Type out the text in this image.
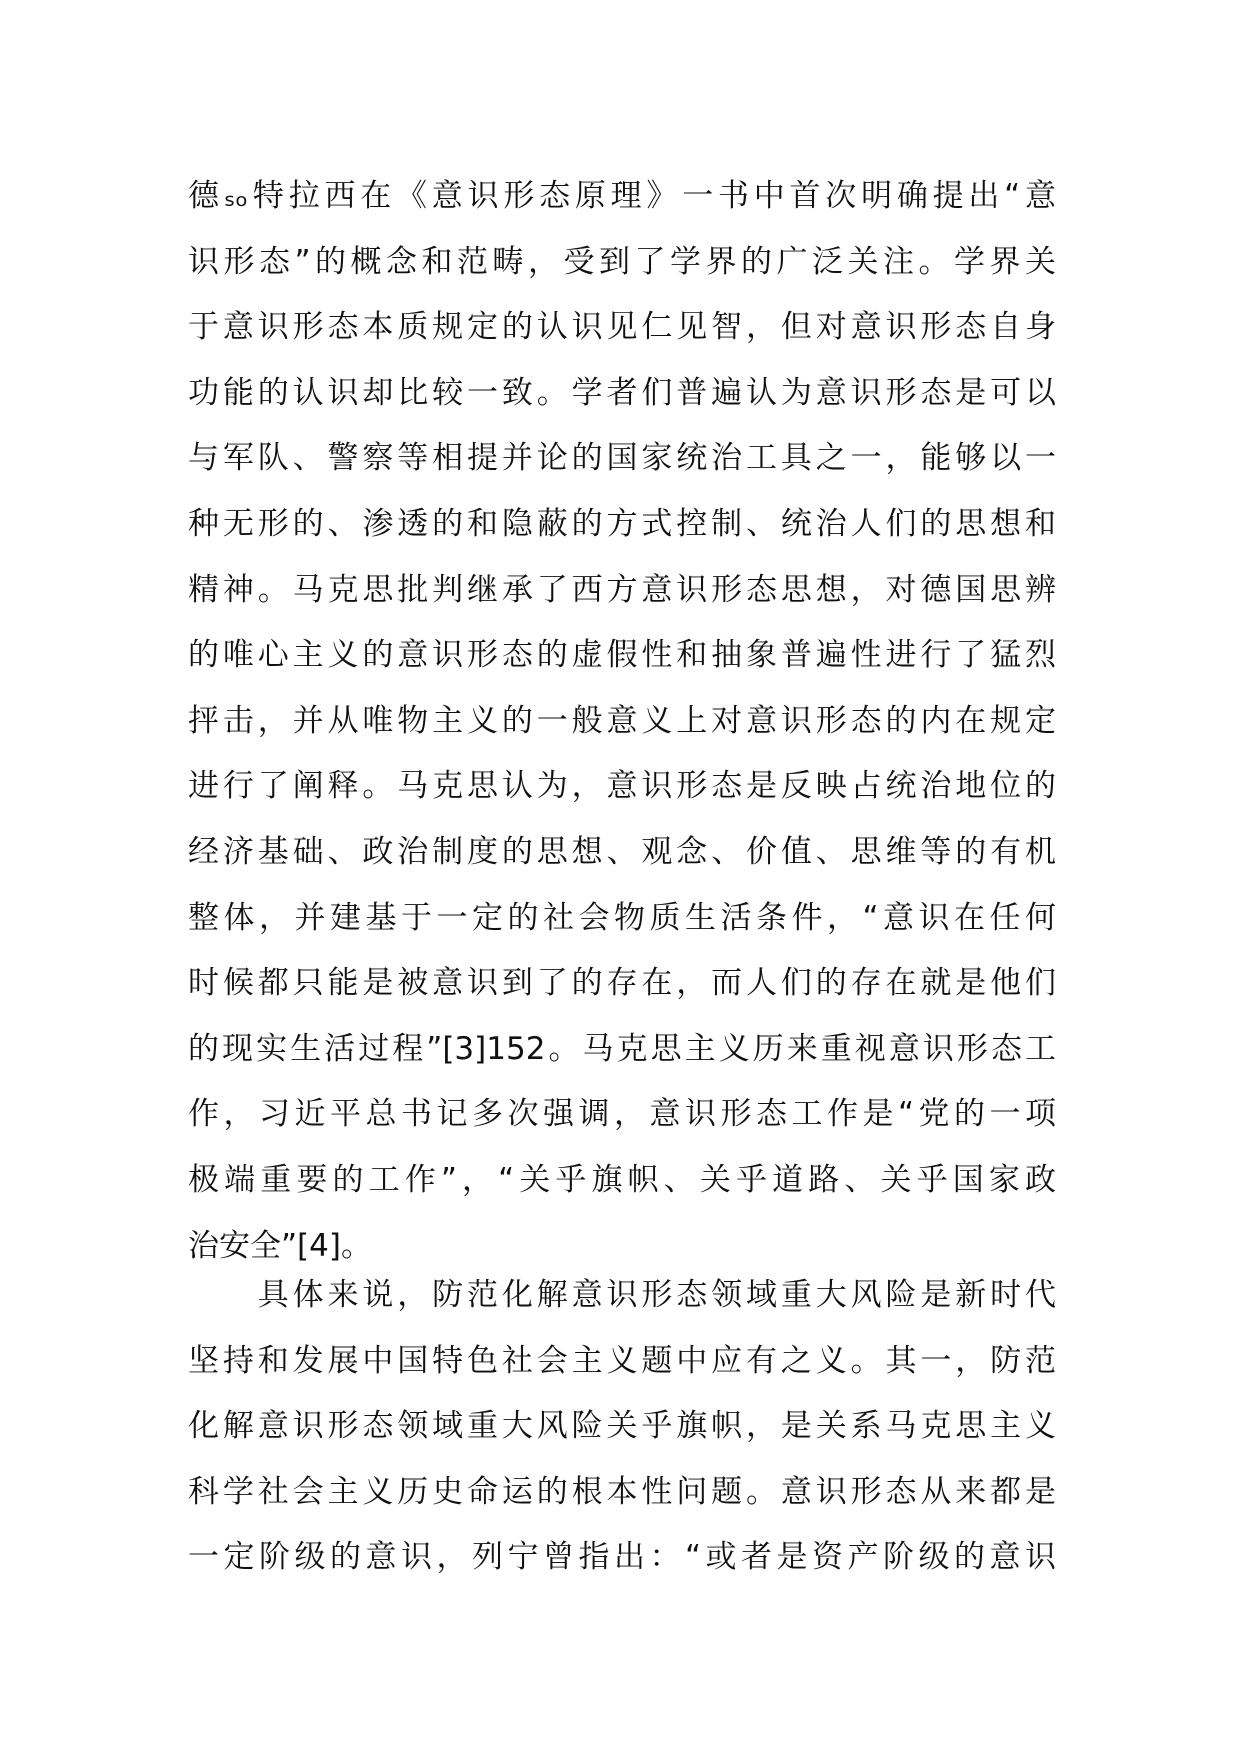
德ₛₒ特拉西在《意识形态原理》一书中首次明确提出“意
识形态”的概念和范畴，受到了学界的广泛关注。学界关
于意识形态本质规定的认识见仁见智，但对意识形态自身
功能的认识却比较一致。学者们普遍认为意识形态是可以
与军队、警察等相提并论的国家统治工具之一，能够以一
种无形的、渗透的和隐蔽的方式控制、统治人们的思想和
精神。马克思批判继承了西方意识形态思想，对德国思辨
的唯心主义的意识形态的虚假性和抽象普遍性进行了猛烈
抨击，并从唯物主义的一般意义上对意识形态的内在规定
进行了阐释。马克思认为，意识形态是反映占统治地位的
经济基础、政治制度的思想、观念、价值、思维等的有机
整体，并建基于一定的社会物质生活条件，“意识在任何
时候都只能是被意识到了的存在，而人们的存在就是他们
的现实生活过程”[3]152。马克思主义历来重视意识形态工
作，习近平总书记多次强调，意识形态工作是“党的一项
极端重要的工作”，“关乎旗帜、关乎道路、关乎国家政
治安全”[4]。
　　具体来说，防范化解意识形态领域重大风险是新时代
坚持和发展中国特色社会主义题中应有之义。其一，防范
化解意识形态领域重大风险关乎旗帜，是关系马克思主义
科学社会主义历史命运的根本性问题。意识形态从来都是
一定阶级的意识，列宁曾指出：“或者是资产阶级的意识
